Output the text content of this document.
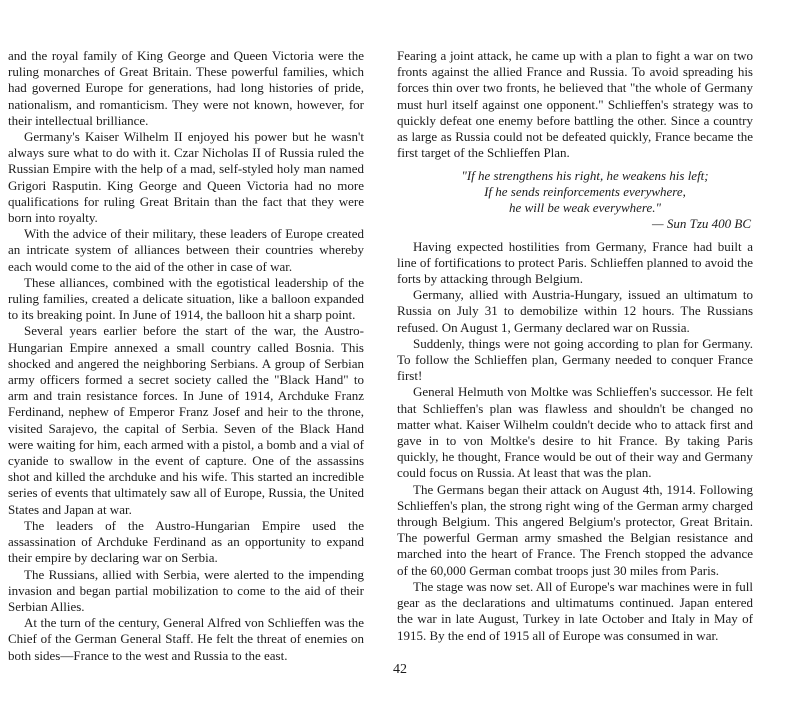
and the royal family of King George and Queen Victoria were the ruling monarches of Great Britain. These powerful families, which had governed Europe for generations, had long histories of pride, nationalism, and romanticism. They were not known, however, for their intellectual brilliance.

Germany's Kaiser Wilhelm II enjoyed his power but he wasn't always sure what to do with it. Czar Nicholas II of Russia ruled the Russian Empire with the help of a mad, self-styled holy man named Grigori Rasputin. King George and Queen Victoria had no more qualifications for ruling Great Britain than the fact that they were born into royalty.

With the advice of their military, these leaders of Europe created an intricate system of alliances between their countries whereby each would come to the aid of the other in case of war.

These alliances, combined with the egotistical leadership of the ruling families, created a delicate situation, like a balloon expanded to its breaking point. In June of 1914, the balloon hit a sharp point.

Several years earlier before the start of the war, the Austro-Hungarian Empire annexed a small country called Bosnia. This shocked and angered the neighboring Serbians. A group of Serbian army officers formed a secret society called the "Black Hand" to arm and train resistance forces. In June of 1914, Archduke Franz Ferdinand, nephew of Emperor Franz Josef and heir to the throne, visited Sarajevo, the capital of Serbia. Seven of the Black Hand were waiting for him, each armed with a pistol, a bomb and a vial of cyanide to swallow in the event of capture. One of the assassins shot and killed the archduke and his wife. This started an incredible series of events that ultimately saw all of Europe, Russia, the United States and Japan at war.

The leaders of the Austro-Hungarian Empire used the assassination of Archduke Ferdinand as an opportunity to expand their empire by declaring war on Serbia.

The Russians, allied with Serbia, were alerted to the impending invasion and began partial mobilization to come to the aid of their Serbian Allies.

At the turn of the century, General Alfred von Schlieffen was the Chief of the German General Staff. He felt the threat of enemies on both sides—France to the west and Russia to the east.

Fearing a joint attack, he came up with a plan to fight a war on two fronts against the allied France and Russia. To avoid spreading his forces thin over two fronts, he believed that "the whole of Germany must hurl itself against one opponent." Schlieffen's strategy was to quickly defeat one enemy before battling the other. Since a country as large as Russia could not be defeated quickly, France became the first target of the Schlieffen Plan.

"If he strengthens his right, he weakens his left;
If he sends reinforcements everywhere,
he will be weak everywhere."
— Sun Tzu 400 BC

Having expected hostilities from Germany, France had built a line of fortifications to protect Paris. Schlieffen planned to avoid the forts by attacking through Belgium.

Germany, allied with Austria-Hungary, issued an ultimatum to Russia on July 31 to demobilize within 12 hours. The Russians refused. On August 1, Germany declared war on Russia.

Suddenly, things were not going according to plan for Germany. To follow the Schlieffen plan, Germany needed to conquer France first!

General Helmuth von Moltke was Schlieffen's successor. He felt that Schlieffen's plan was flawless and shouldn't be changed no matter what. Kaiser Wilhelm couldn't decide who to attack first and gave in to von Moltke's desire to hit France. By taking Paris quickly, he thought, France would be out of their way and Germany could focus on Russia. At least that was the plan.

The Germans began their attack on August 4th, 1914. Following Schlieffen's plan, the strong right wing of the German army charged through Belgium. This angered Belgium's protector, Great Britain. The powerful German army smashed the Belgian resistance and marched into the heart of France. The French stopped the advance of the 60,000 German combat troops just 30 miles from Paris.

The stage was now set. All of Europe's war machines were in full gear as the declarations and ultimatums continued. Japan entered the war in late August, Turkey in late October and Italy in May of 1915. By the end of 1915 all of Europe was consumed in war.

42
